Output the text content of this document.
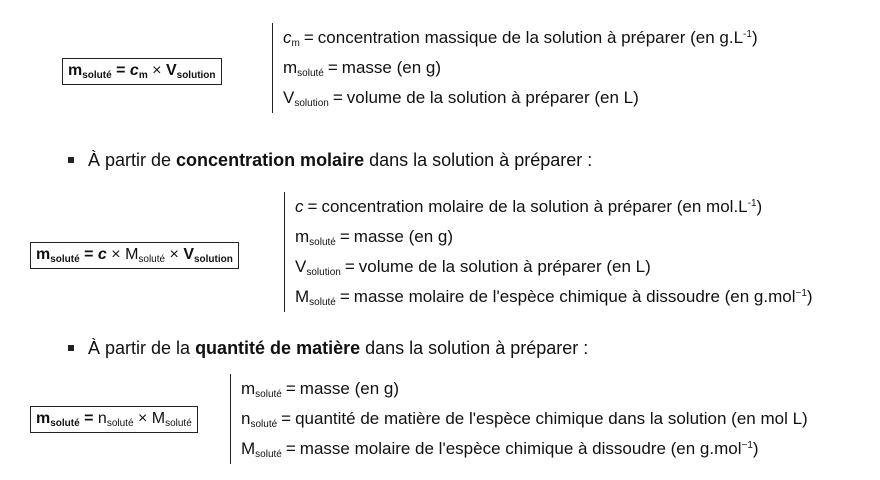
$m_{soluté} = c_m \times V_{solution}$
$c_m$ = concentration massique de la solution à préparer (en $g.L^{-1}$)
$m_{soluté}$ = masse (en g)
$V_{solution}$ = volume de la solution à préparer (en L)
À partir de concentration molaire dans la solution à préparer :
$m_{soluté} = c \times M_{soluté} \times V_{solution}$
c = concentration molaire de la solution à préparer (en $mol.L^{-1}$)
$m_{soluté}$ = masse (en g)
$V_{solution}$ = volume de la solution à préparer (en L)
$M_{soluté}$ = masse molaire de l'espèce chimique à dissoudre (en g.mol$^{-1}$)
À partir de la quantité de matière dans la solution à préparer :
$m_{soluté} = n_{soluté} \times M_{soluté}$
$m_{soluté}$ = masse (en g)
$n_{soluté}$ = quantité de matière de l'espèce chimique dans la solution (en mol L)
$M_{soluté}$ = masse molaire de l'espèce chimique à dissoudre (en g.mol$^{-1}$)
